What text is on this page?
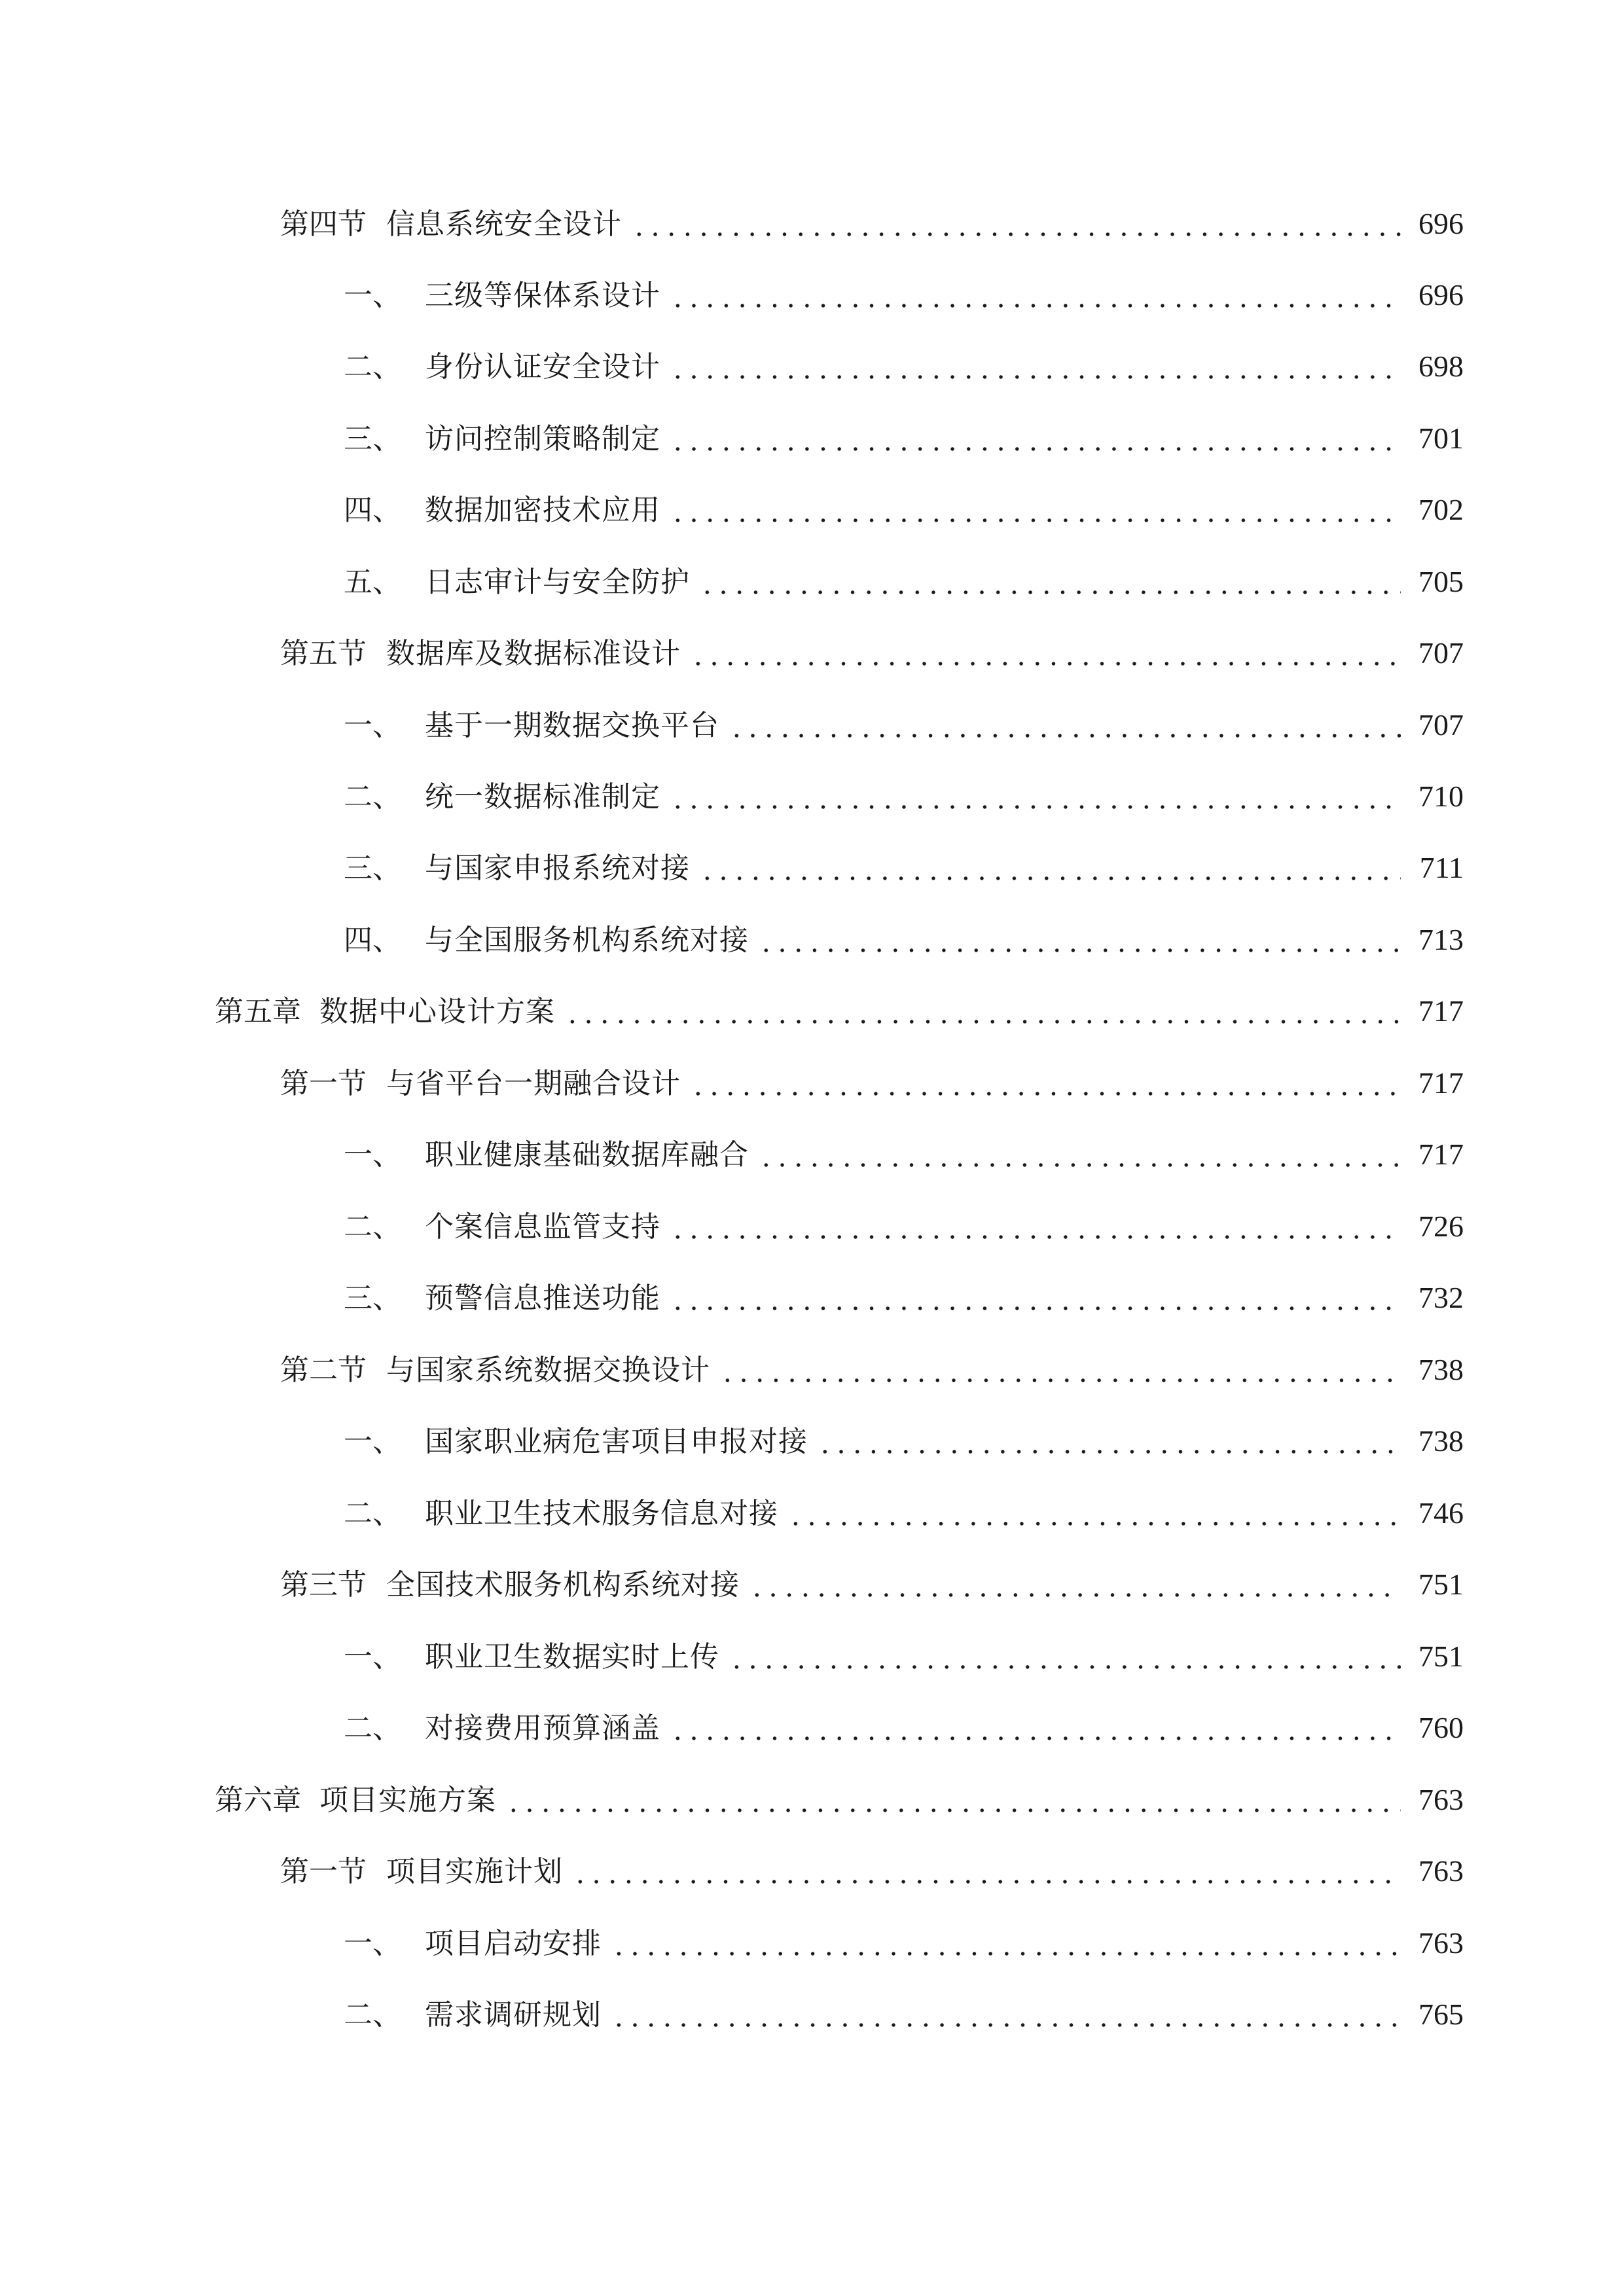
第四节 信息系统安全设计	696
一、 三级等保体系设计	696
二、 身份认证安全设计	698
三、 访问控制策略制定	701
四、 数据加密技术应用	702
五、 日志审计与安全防护	705
第五节 数据库及数据标准设计	707
一、 基于一期数据交换平台	707
二、 统一数据标准制定	710
三、 与国家申报系统对接	711
四、 与全国服务机构系统对接	713
第五章 数据中心设计方案	717
第一节 与省平台一期融合设计	717
一、 职业健康基础数据库融合	717
二、 个案信息监管支持	726
三、 预警信息推送功能	732
第二节 与国家系统数据交换设计	738
一、 国家职业病危害项目申报对接	738
二、 职业卫生技术服务信息对接	746
第三节 全国技术服务机构系统对接	751
一、 职业卫生数据实时上传	751
二、 对接费用预算涵盖	760
第六章 项目实施方案	763
第一节 项目实施计划	763
一、 项目启动安排	763
二、 需求调研规划	765
